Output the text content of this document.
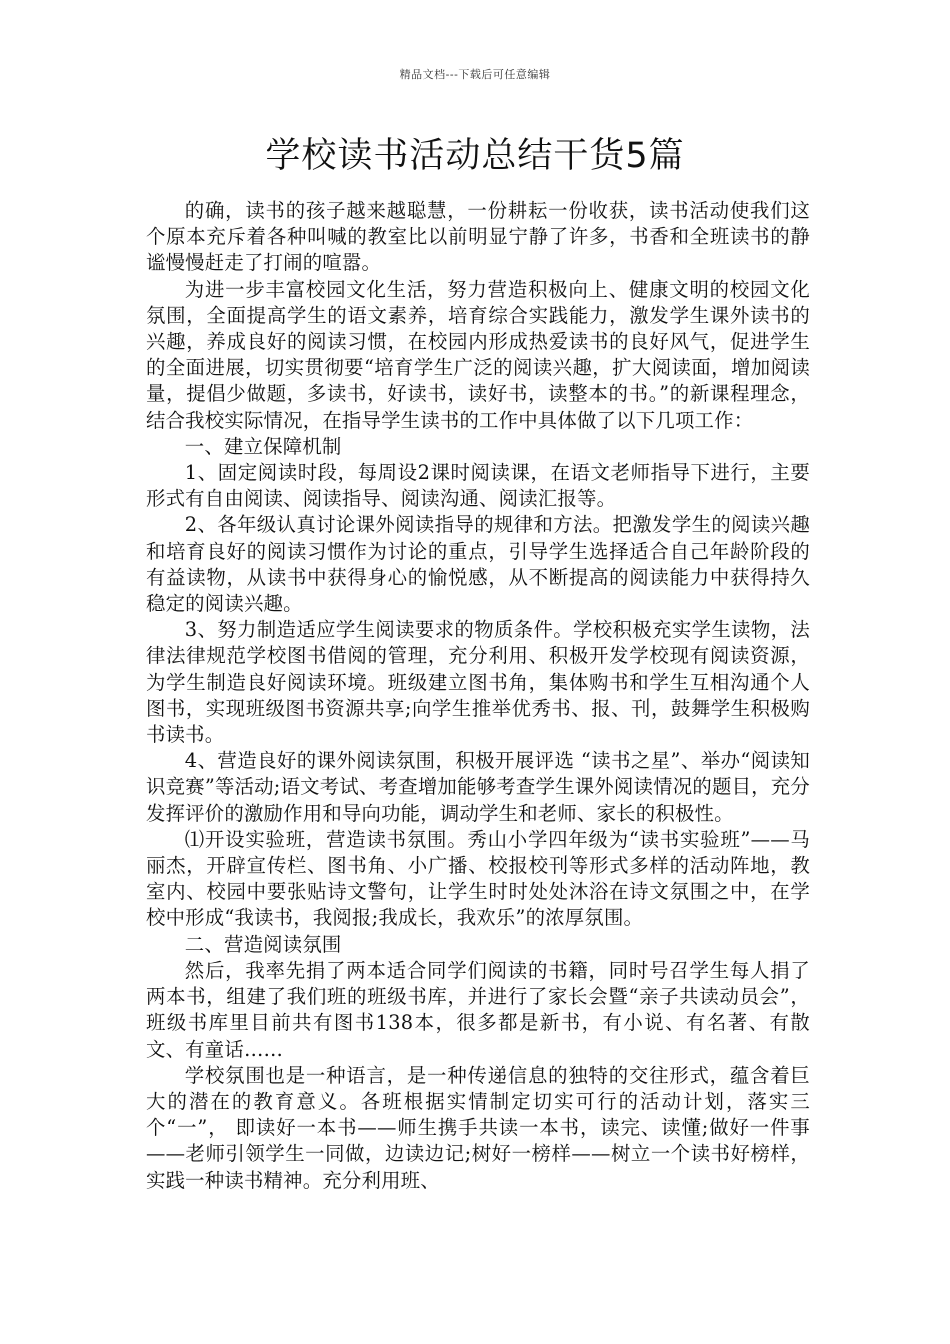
精品文档---下载后可任意编辑
学校读书活动总结干货5篇

的确，读书的孩子越来越聪慧，一份耕耘一份收获，读书活动使我们这个原本充斥着各种叫喊的教室比以前明显宁静了许多，书香和全班读书的静谧慢慢赶走了打闹的喧嚣。

为进一步丰富校园文化生活，努力营造积极向上、健康文明的校园文化氛围，全面提高学生的语文素养，培育综合实践能力，激发学生课外读书的兴趣，养成良好的阅读习惯，在校园内形成热爱读书的良好风气，促进学生的全面进展，切实贯彻要“培育学生广泛的阅读兴趣，扩大阅读面，增加阅读量，提倡少做题，多读书，好读书，读好书，读整本的书。”的新课程理念，结合我校实际情况，在指导学生读书的工作中具体做了以下几项工作：

一、建立保障机制

1、固定阅读时段，每周设2课时阅读课，在语文老师指导下进行，主要形式有自由阅读、阅读指导、阅读沟通、阅读汇报等。

2、各年级认真讨论课外阅读指导的规律和方法。把激发学生的阅读兴趣和培育良好的阅读习惯作为讨论的重点，引导学生选择适合自己年龄阶段的有益读物，从读书中获得身心的愉悦感，从不断提高的阅读能力中获得持久稳定的阅读兴趣。

3、努力制造适应学生阅读要求的物质条件。学校积极充实学生读物，法律法律规范学校图书借阅的管理，充分利用、积极开发学校现有阅读资源，为学生制造良好阅读环境。班级建立图书角，集体购书和学生互相沟通个人图书，实现班级图书资源共享;向学生推举优秀书、报、刊，鼓舞学生积极购书读书。

4、营造良好的课外阅读氛围，积极开展评选 “读书之星”、举办“阅读知识竞赛”等活动;语文考试、考查增加能够考查学生课外阅读情况的题目，充分发挥评价的激励作用和导向功能，调动学生和老师、家长的积极性。

⑴开设实验班，营造读书氛围。秀山小学四年级为“读书实验班”——马丽杰，开辟宣传栏、图书角、小广播、校报校刊等形式多样的活动阵地，教室内、校园中要张贴诗文警句，让学生时时处处沐浴在诗文氛围之中，在学校中形成“我读书，我阅报;我成长，我欢乐”的浓厚氛围。

二、营造阅读氛围

然后，我率先捐了两本适合同学们阅读的书籍，同时号召学生每人捐了两本书，组建了我们班的班级书库，并进行了家长会暨“亲子共读动员会”， 班级书库里目前共有图书138本，很多都是新书，有小说、有名著、有散文、有童话……

学校氛围也是一种语言，是一种传递信息的独特的交往形式，蕴含着巨大的潜在的教育意义。各班根据实情制定切实可行的活动计划，落实三个“一”， 即读好一本书——师生携手共读一本书，读完、读懂;做好一件事——老师引领学生一同做，边读边记;树好一榜样——树立一个读书好榜样，实践一种读书精神。充分利用班、
